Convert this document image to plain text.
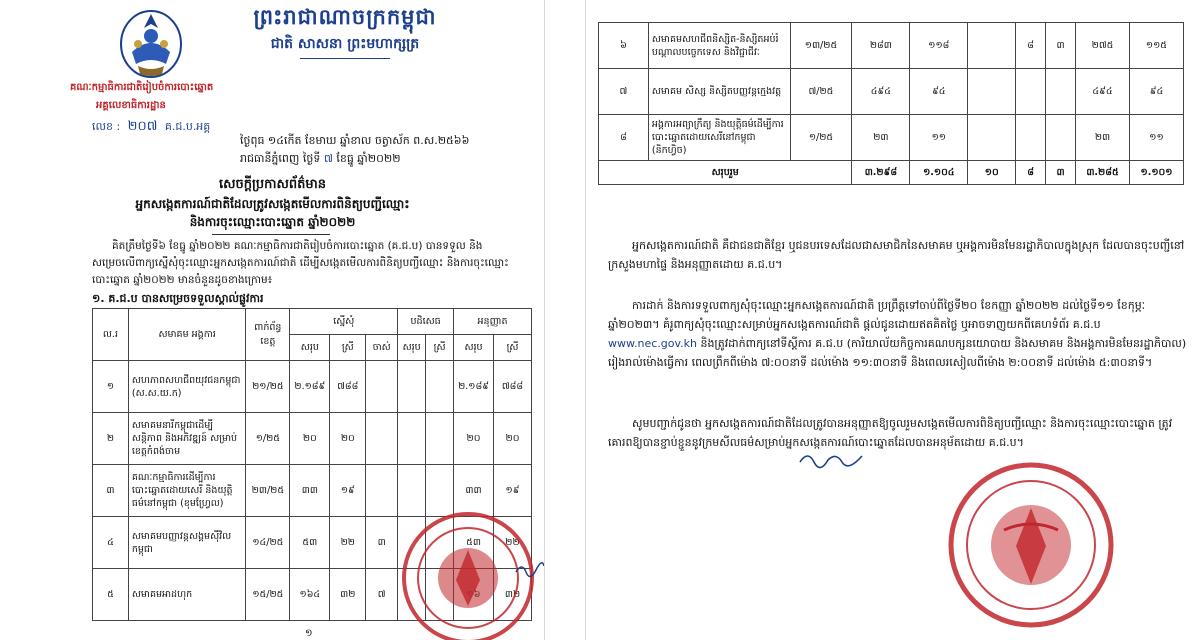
ព្រះរាជាណាចក្រកម្ពុជា
ជាតិ សាសនា ព្រះមហាក្សត្រ
គណៈកម្មាធិការជាតិរៀបចំការបោះឆ្នោត
អគ្គលេខាធិការដ្ឋាន
លេខ : ២០៧ គ.ជ.ប.អគ្គ
ថ្ងៃពុធ ១៤កើត ខែមាឃ ឆ្នាំខាល ចត្វាស័ក ព.ស.២៥៦៦
រាជធានីភ្នំពេញ ថ្ងៃទី ៧ ខែធ្នូ ឆ្នាំ២០២២
សេចក្តីប្រកាសព័ត៌មាន
អ្នកសង្កេតការណ៍ជាតិដែលត្រូវសង្កេតមើលការពិនិត្យបញ្ជីឈ្មោះ
និងការចុះឈ្មោះបោះឆ្នោត ឆ្នាំ២០២២
គិតត្រឹមថ្ងៃទី៦ ខែធ្នូ ឆ្នាំ២០២២ គណៈកម្មាធិការជាតិរៀបចំការបោះឆ្នោត (គ.ជ.ប) បានទទួល និងសម្រេចលើពាក្យស្នើសុំចុះឈ្មោះអ្នកសង្កេតការណ៍ជាតិ ដើម្បីសង្កេតមើលការពិនិត្យបញ្ជីឈ្មោះ និងការចុះឈ្មោះបោះឆ្នោត ឆ្នាំ២០២២ មានចំនួនដូចខាងក្រោម៖
១. គ.ជ.ប បានសម្រេចទទួលស្គាល់ផ្លូវការ
ល.រ	សមាគម អង្គការ	ពាក់ព័ន្ធខេត្ត	ស្នើសុំ			បដិសេធ		អនុញ្ញាត	
			សរុប	ស្រី	ចាស់	សរុប	ស្រី	សរុប	ស្រី
១	សហភាពសហជីពយុវជនកម្ពុជា (ស.ស.យ.ក)	២១/២៥	២.១៨៩	៧៨៨				២.១៨៩	៧៨៨
២	សមាគមនារីកម្ពុជាដើម្បីសន្តិភាព និងអភិវឌ្ឍន៍ សម្រាប់ខេត្តកំពង់ចាម	១/២៥	២០	២០				២០	២០
៣	គណៈកម្មាធិការដើម្បីការបោះឆ្នោតដោយសេរី និងយុត្តិធម៌នៅកម្ពុជា (ខុមហ្វ្រែល)	២៣/២៥	៣៣	១៩				៣៣	១៩
៤	សមាគមបញ្ញាវន្តសង្គមស៊ីវិលកម្ពុជា	១៤/២៥	៥៣	២២	៣			៥៣	២២
៥	សមាគមអាដហុក	១៥/២៥	១៦៤	៣២	៧				៣២
១
៦	សមាគមសហជីពនិស្សិត-និស្សិតអប់រំបណ្តាលបច្ចេកទេស និងវិជ្ជាជីវៈ	១៣/២៥	២៨៣	១១៨		៨	៣	២៧៥	១១៥
៧	សមាគម សិស្ស និស្សិតបញ្ញវន្តក្មេងវត្ត	៧/២៥	៤៩៤	៩៤				៤៩៤	៩៤
៨	អង្គការអព្យាក្រឹត្យ និងយុត្តិធម៌ដើម្បីការបោះឆ្នោតដោយសេរីនៅកម្ពុជា (និកហ្វិច)	១/២៥	២៣	១១				២៣	១១
សរុបរួម			៣.២៩៨	១.១០៤	១០	៨	៣	៣.២៨៥	១.១០១
អ្នកសង្កេតការណ៍ជាតិ គឺជាជនជាតិខ្មែរ ឬជនបរទេសដែលជាសមាជិកនៃសមាគម ឬអង្គការមិនមែនរដ្ឋាភិបាលក្នុងស្រុក ដែលបានចុះបញ្ជីនៅក្រសួងមហាផ្ទៃ និងអនុញ្ញាតដោយ គ.ជ.ប។
ការដាក់ និងការទទួលពាក្យសុំចុះឈ្មោះអ្នកសង្កេតការណ៍ជាតិ ប្រព្រឹត្តទៅចាប់ពីថ្ងៃទី២០ ខែកញ្ញា ឆ្នាំ២០២២ ដល់ថ្ងៃទី១១ ខែកុម្ភៈ ឆ្នាំ២០២៣។ គំរូពាក្យសុំចុះឈ្មោះសម្រាប់អ្នកសង្កេតការណ៍ជាតិ ផ្តល់ជូនដោយឥតគិតថ្លៃ ឬអាចទាញយកពីគេហទំព័រ គ.ជ.ប www.nec.gov.kh និងត្រូវដាក់ពាក្យនៅទីស្តីការ គ.ជ.ប (ការិយាល័យកិច្ចការគណបក្សនយោបាយ និងសមាគម និងអង្គការមិនមែនរដ្ឋាភិបាល) រៀងរាល់ម៉ោងធ្វើការ ពេលព្រឹកពីម៉ោង ៧:០០នាទី ដល់ម៉ោង ១១:៣០នាទី និងពេលរសៀលពីម៉ោង ២:០០នាទី ដល់ម៉ោង ៥:៣០នាទី។
សូមបញ្ជាក់ជូនថា អ្នកសង្កេតការណ៍ជាតិដែលត្រូវបានអនុញ្ញាតឱ្យចូលរួមសង្កេតមើលការពិនិត្យបញ្ជីឈ្មោះ និងការចុះឈ្មោះបោះឆ្នោត ត្រូវគោរពឱ្យបានខ្ជាប់ខ្ជួននូវក្រមសីលធម៌សម្រាប់អ្នកសង្កេតការណ៍បោះឆ្នោតដែលបានអនុម័តដោយ គ.ជ.ប។
